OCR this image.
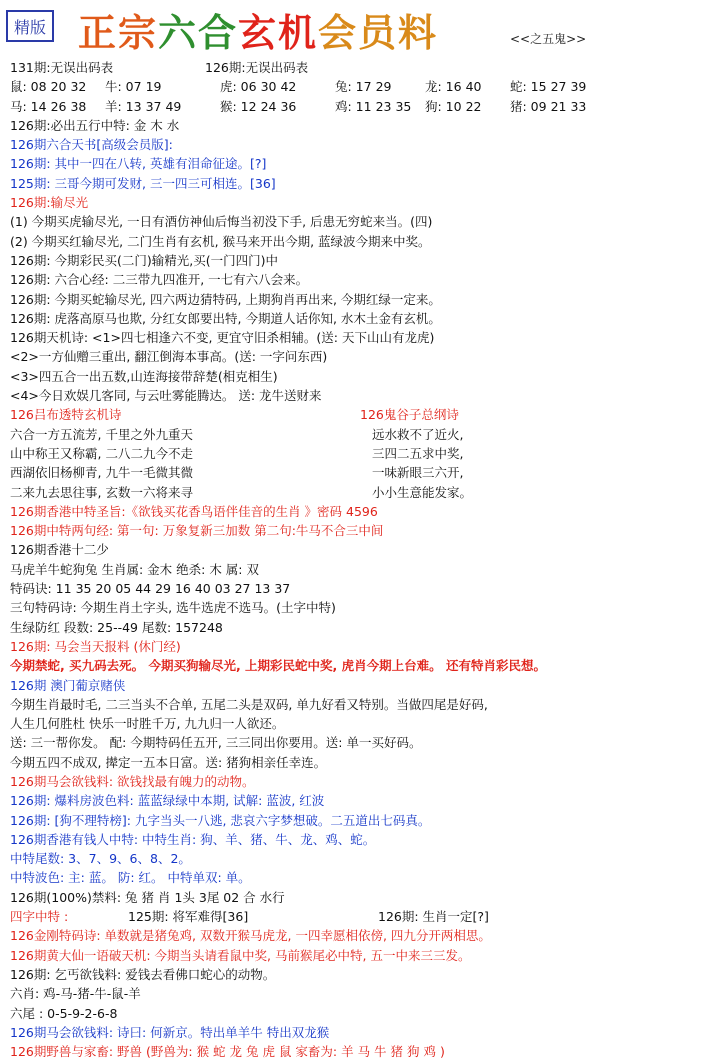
精版 正宗六合玄机会员料	<<之五鬼>>
131期:无误出码表	126期:无误出码表
鼠: 08 20 32 牛: 07 19	虎: 06 30 42	兔: 17 29	龙: 16 40 蛇: 15 27 39
马: 14 26 38 羊: 13 37 49	猴: 12 24 36	鸡: 11 23 35 狗: 10 22 猪: 09 21 33
126期:必出五行中特: 金 木 水
126期六合天书[高级会员版]:
126期: 其中一四在八转, 英雄有泪命征途。[?]
125期: 三哥今期可发财, 三一四三可相连。[36]
126期:输尽光
(1) 今期买虎输尽光, 一日有酒仿神仙后悔当初没下手, 后患无穷蛇来当。(四)
(2) 今期买红输尽光, 二门生肖有玄机, 猴马来开出今期, 蓝绿波今期来中奖。
126期: 今期彩民买(二门)输精光,买(一门四门)中
126期: 六合心经: 二三带九四准开, 一七有六八会来。
126期: 今期买蛇输尽光, 四六两边猜特码, 上期狗肖再出来, 今期红绿一定来。
126期: 虎落高原马也欺, 分红女郎要出特, 今期道人话你知, 水木土金有玄机。
126期天机诗: <1>四七相逢六不变, 更宜守旧杀相辅。(送: 天下山山有龙虎)
<2>一方仙赠三重出, 翻江倒海本事高。(送: 一字问东西)
<3>四五合一出五数,山连海接带辞楚(相克相生)
<4>今日欢娱几客同, 与云吐雾能腾达。 送: 龙牛送财来
126吕布透特玄机诗	126鬼谷子总纲诗
六合一方五流芳, 千里之外九重天	远水救不了近火,
山中称王又称霸, 二八二九今不走	三四二五求中奖,
西湖依旧杨柳青, 九牛一毛微其微	一味新眼三六开,
二来九去思往事, 玄数一六将来寻	小小生意能发家。
126期香港中特圣旨:《欲钱买花香鸟语伴佳音的生肖 》密码 4596
126期中特两句经: 第一句: 万象复新三加数 第二句:牛马不合三中间
126期香港十二少
马虎羊牛蛇狗兔 生肖属: 金木 绝杀: 木 属: 双
特码诀: 11 35 20 05 44 29 16 40 03 27 13 37
三句特码诗: 今期生肖土字头, 选牛选虎不选马。(土字中特)
生绿防红 段数: 25--49 尾数: 157248
126期: 马会当天报料 (休门经)
今期禁蛇, 买九码去死。 今期买狗输尽光, 上期彩民蛇中奖, 虎肖今期上台难。 还有特肖彩民想。
126期 澳门葡京赌侠
今期生肖最时毛, 二三当头不合单, 五尾二头是双码, 单九好看又特别。当做四尾是好码,
人生几何胜杜 快乐一时胜千万, 九九归一人欲还。
送: 三一帮你发。 配: 今期特码任五开, 三三同出你要用。送: 单一买好码。
今期五四不成双, 撵定一五本日富。送: 猪狗相亲任幸连。
126期马会欲钱料: 欲钱找最有魄力的动物。
126期: 爆料房波色料: 蓝蓝绿绿中本期, 试解: 蓝波, 红波
126期: [狗不理特榜]: 九字当头一八逃, 悲哀六字梦想破。二五道出七码真。
126期香港有钱人中特: 中特生肖: 狗、羊、猪、牛、龙、鸡、蛇。
中特尾数: 3、7、9、6、8、2。
中特波色: 主: 蓝。 防: 红。 中特单双: 单。
126期(100%)禁料: 兔 猪 肖 1头 3尾 02 合 水行
四字中特 :	125期: 将军难得[36]	126期: 生肖一定[?]
126金刚特码诗: 单数就是猪兔鸡, 双数开猴马虎龙, 一四幸愿相依傍, 四九分开两相思。
126期黄大仙一语破天机: 今期当头请看鼠中奖, 马前猴尾必中特, 五一中来三三发。
126期: 乞丐欲钱料: 爱钱去看佛口蛇心的动物。
六肖: 鸡-马-猪-牛-鼠-羊
六尾 : 0-5-9-2-6-8
126期马会欲钱料: 诗曰: 何新京。特出单羊牛 特出双龙猴
126期野兽与家畜: 野兽 (野兽为: 猴 蛇 龙 兔 虎 鼠 家畜为: 羊 马 牛 猪 狗 鸡 )
